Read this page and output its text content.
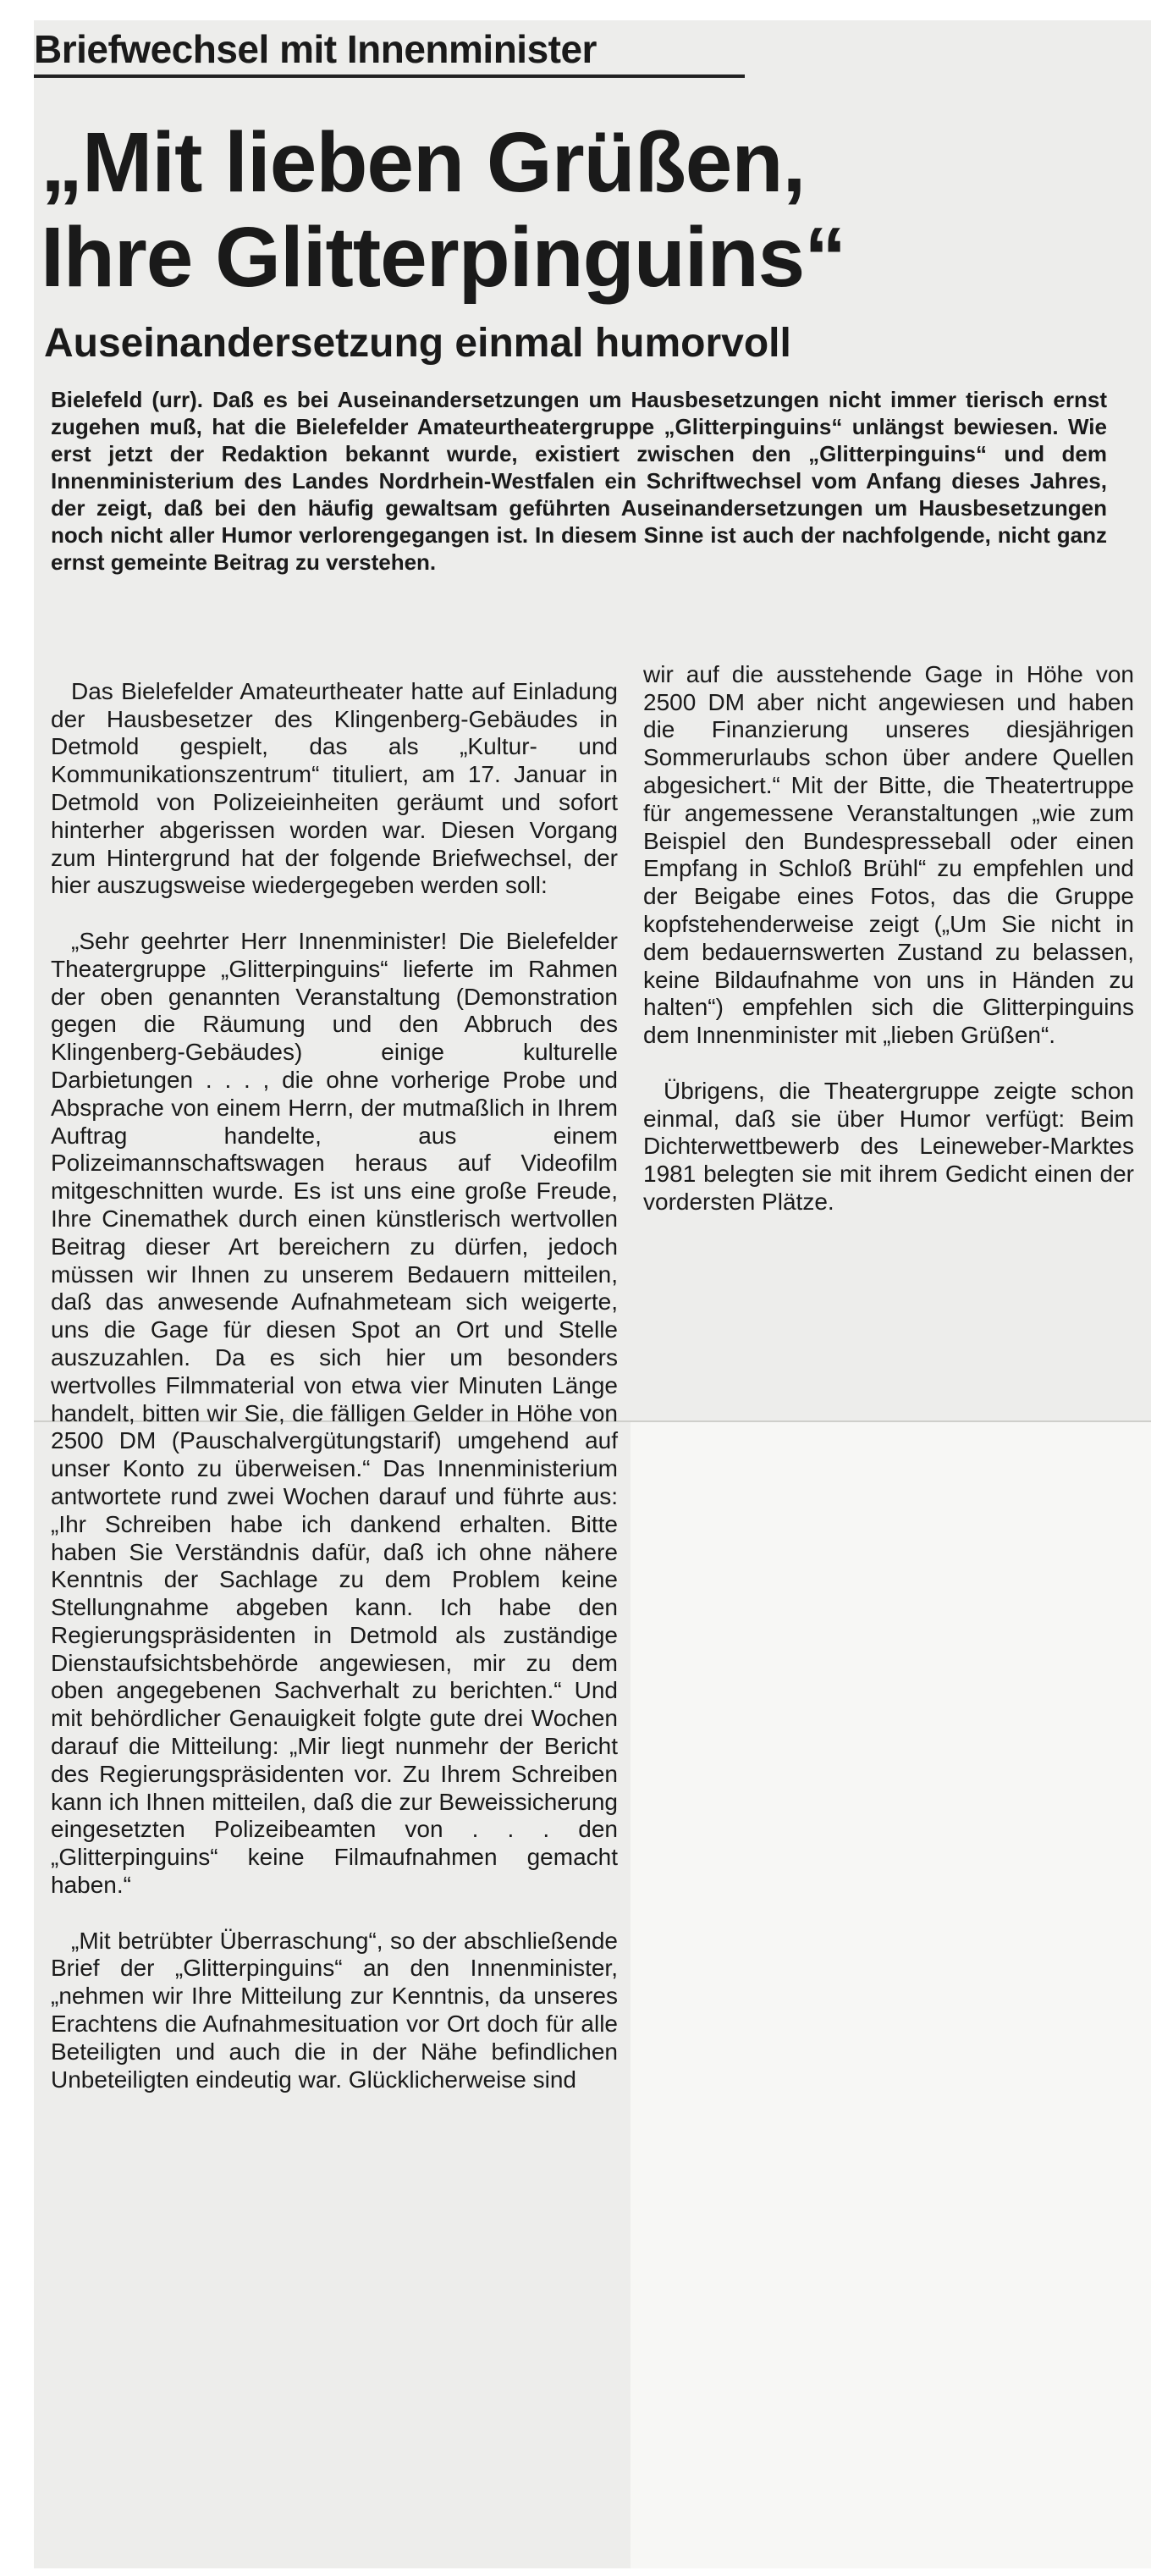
Briefwechsel mit Innenminister
„Mit lieben Grüßen,
Ihre Glitterpinguins“
Auseinandersetzung einmal humorvoll
Bielefeld (urr). Daß es bei Auseinandersetzungen um Hausbesetzungen nicht immer tierisch ernst zugehen muß, hat die Bielefelder Amateurtheatergruppe „Glitterpinguins“ unlängst bewiesen. Wie erst jetzt der Redaktion bekannt wurde, existiert zwischen den „Glitterpinguins“ und dem Innenministerium des Landes Nordrhein-Westfalen ein Schriftwechsel vom Anfang dieses Jahres, der zeigt, daß bei den häufig gewaltsam geführten Auseinandersetzungen um Hausbesetzungen noch nicht aller Humor verlorengegangen ist. In diesem Sinne ist auch der nachfolgende, nicht ganz ernst gemeinte Beitrag zu verstehen.

Das Bielefelder Amateurtheater hatte auf Einladung der Hausbesetzer des Klingenberg-Gebäudes in Detmold gespielt, das als „Kultur- und Kommunikationszentrum“ tituliert, am 17. Januar in Detmold von Polizeieinheiten geräumt und sofort hinterher abgerissen worden war. Diesen Vorgang zum Hintergrund hat der folgende Briefwechsel, der hier auszugsweise wiedergegeben werden soll:

„Sehr geehrter Herr Innenminister! Die Bielefelder Theatergruppe „Glitterpinguins“ lieferte im Rahmen der oben genannten Veranstaltung (Demonstration gegen die Räumung und den Abbruch des Klingenberg-Gebäudes) einige kulturelle Darbietungen . . . , die ohne vorherige Probe und Absprache von einem Herrn, der mutmaßlich in Ihrem Auftrag handelte, aus einem Polizeimannschaftswagen heraus auf Videofilm mitgeschnitten wurde. Es ist uns eine große Freude, Ihre Cinemathek durch einen künstlerisch wertvollen Beitrag dieser Art bereichern zu dürfen, jedoch müssen wir Ihnen zu unserem Bedauern mitteilen, daß das anwesende Aufnahmeteam sich weigerte, uns die Gage für diesen Spot an Ort und Stelle auszuzahlen. Da es sich hier um besonders wertvolles Filmmaterial von etwa vier Minuten Länge handelt, bitten wir Sie, die fälligen Gelder in Höhe von 2500 DM (Pauschalvergütungstarif) umgehend auf unser Konto zu überweisen.“ Das Innenministerium antwortete rund zwei Wochen darauf und führte aus: „Ihr Schreiben habe ich dankend erhalten. Bitte haben Sie Verständnis dafür, daß ich ohne nähere Kenntnis der Sachlage zu dem Problem keine Stellungnahme abgeben kann. Ich habe den Regierungspräsidenten in Detmold als zuständige Dienstaufsichtsbehörde angewiesen, mir zu dem oben angegebenen Sachverhalt zu berichten.“ Und mit behördlicher Genauigkeit folgte gute drei Wochen darauf die Mitteilung: „Mir liegt nunmehr der Bericht des Regierungspräsidenten vor. Zu Ihrem Schreiben kann ich Ihnen mitteilen, daß die zur Beweissicherung eingesetzten Polizeibeamten von . . . den „Glitterpinguins“ keine Filmaufnahmen gemacht haben.“

„Mit betrübter Überraschung“, so der abschließende Brief der „Glitterpinguins“ an den Innenminister, „nehmen wir Ihre Mitteilung zur Kenntnis, da unseres Erachtens die Aufnahmesituation vor Ort doch für alle Beteiligten und auch die in der Nähe befindlichen Unbeteiligten eindeutig war. Glücklicherweise sind

wir auf die ausstehende Gage in Höhe von 2500 DM aber nicht angewiesen und haben die Finanzierung unseres diesjährigen Sommerurlaubs schon über andere Quellen abgesichert.“ Mit der Bitte, die Theatertruppe für angemessene Veranstaltungen „wie zum Beispiel den Bundespresseball oder einen Empfang in Schloß Brühl“ zu empfehlen und der Beigabe eines Fotos, das die Gruppe kopfstehenderweise zeigt („Um Sie nicht in dem bedauernswerten Zustand zu belassen, keine Bildaufnahme von uns in Händen zu halten“) empfehlen sich die Glitterpinguins dem Innenminister mit „lieben Grüßen“.

Übrigens, die Theatergruppe zeigte schon einmal, daß sie über Humor verfügt: Beim Dichterwettbewerb des Leineweber-Marktes 1981 belegten sie mit ihrem Gedicht einen der vordersten Plätze.
